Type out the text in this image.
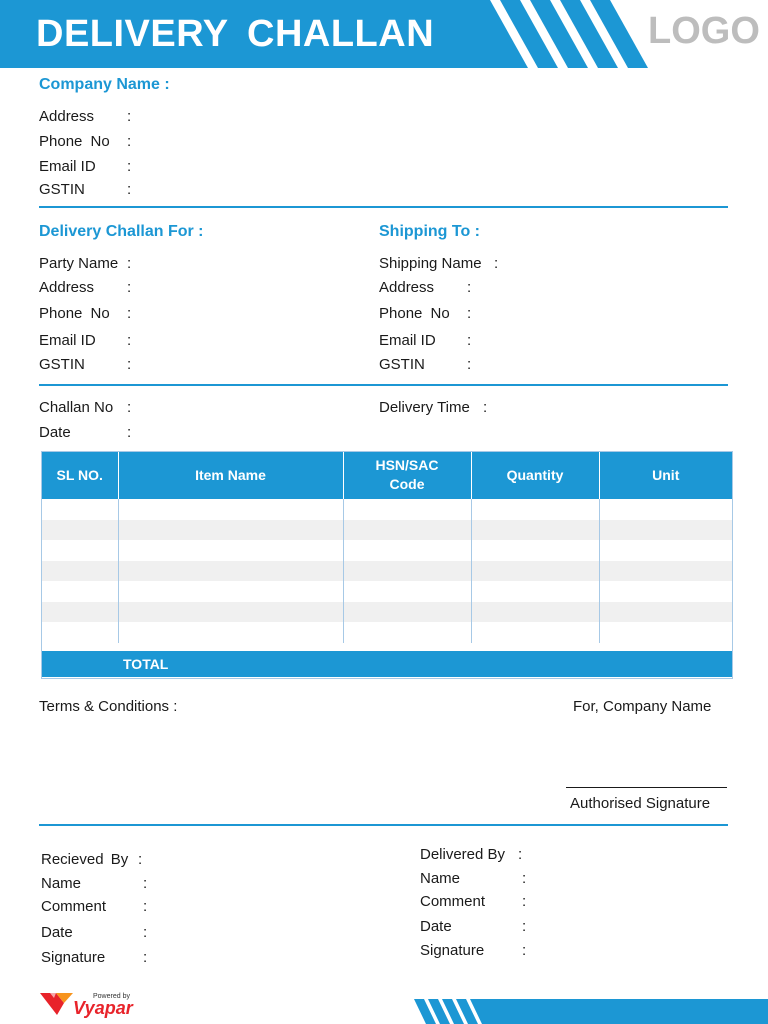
DELIVERY CHALLAN	LOGO
Company Name :
Address :
Phone No :
Email ID :
GSTIN	:
Delivery Challan For :
Party Name :
Address :
Phone No :
Email ID :
GSTIN	:
Shipping To :
Shipping Name :
Address :
Phone No :
Email ID :
GSTIN	:
Challan No :
Date	:
Delivery Time :
SL NO.	Item Name	HSN/SAC Code	Quantity	Unit

TOTAL
Terms & Conditions :	For, Company Name
Authorised Signature
Recieved By :
Name	:
Comment :
Date	:
Signature	:
Delivered By :
Name	:
Comment :
Date	:
Signature	:
Powered by
Vyapar
